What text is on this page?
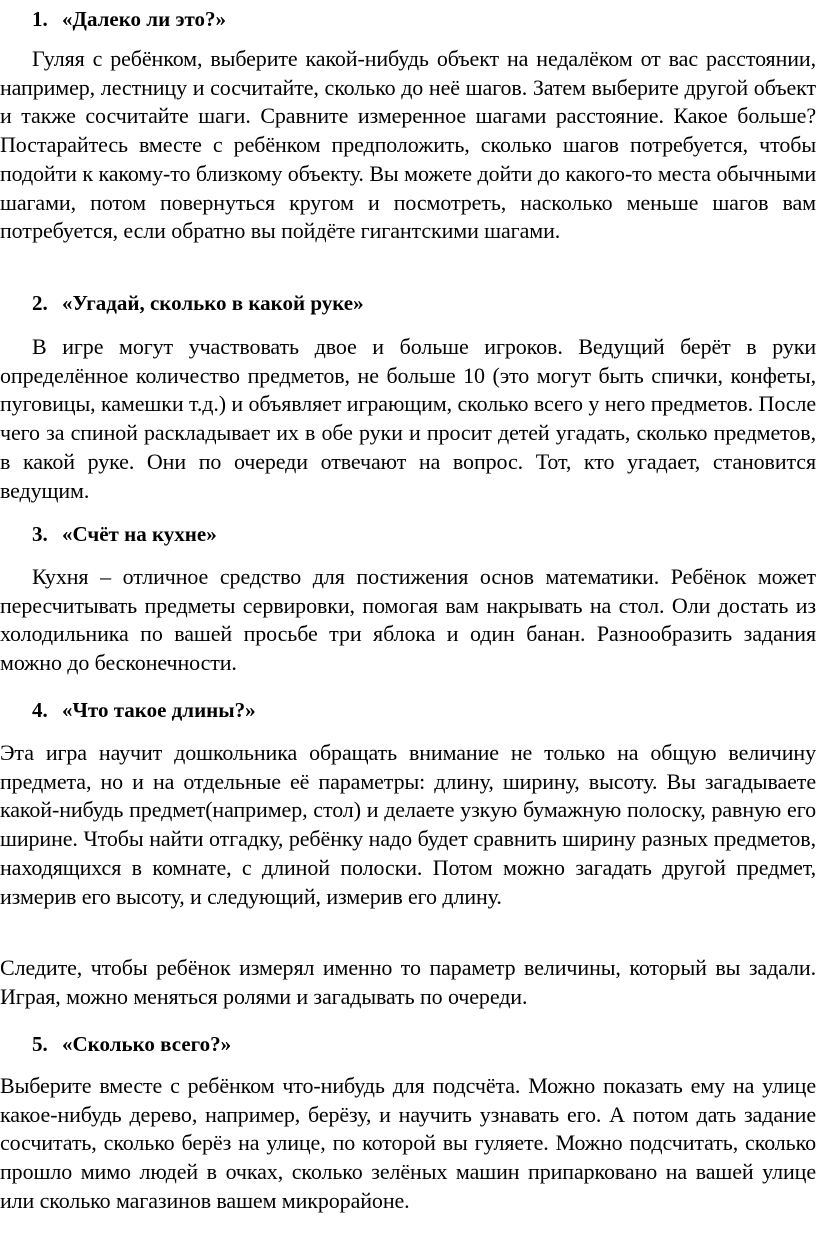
1. «Далеко ли это?»

Гуляя с ребёнком, выберите какой-нибудь объект на недалёком от вас расстоянии, например, лестницу и сосчитайте, сколько до неё шагов. Затем выберите другой объект и также сосчитайте шаги. Сравните измеренное шагами расстояние. Какое больше? Постарайтесь вместе с ребёнком предположить, сколько шагов потребуется, чтобы подойти к какому-то близкому объекту. Вы можете дойти до какого-то места обычными шагами, потом повернуться кругом и посмотреть, насколько меньше шагов вам потребуется, если обратно вы пойдёте гигантскими шагами.

2. «Угадай, сколько в какой руке»

В игре могут участвовать двое и больше игроков. Ведущий берёт в руки определённое количество предметов, не больше 10 (это могут быть спички, конфеты, пуговицы, камешки т.д.) и объявляет играющим, сколько всего у него предметов. После чего за спиной раскладывает их в обе руки и просит детей угадать, сколько предметов, в какой руке. Они по очереди отвечают на вопрос. Тот, кто угадает, становится ведущим.

3. «Счёт на кухне»

Кухня – отличное средство для постижения основ математики. Ребёнок может пересчитывать предметы сервировки, помогая вам накрывать на стол. Оли достать из холодильника по вашей просьбе три яблока и один банан. Разнообразить задания можно до бесконечности.

4. «Что такое длины?»

Эта игра научит дошкольника обращать внимание не только на общую величину предмета, но и на отдельные её параметры: длину, ширину, высоту. Вы загадываете какой-нибудь предмет(например, стол) и делаете узкую бумажную полоску, равную его ширине. Чтобы найти отгадку, ребёнку надо будет сравнить ширину разных предметов, находящихся в комнате, с длиной полоски. Потом можно загадать другой предмет, измерив его высоту, и следующий, измерив его длину.

Следите, чтобы ребёнок измерял именно то параметр величины, который вы задали. Играя, можно меняться ролями и загадывать по очереди.

5. «Сколько всего?»

Выберите вместе с ребёнком что-нибудь для подсчёта. Можно показать ему на улице какое-нибудь дерево, например, берёзу, и научить узнавать его. А потом дать задание сосчитать, сколько берёз на улице, по которой вы гуляете. Можно подсчитать, сколько прошло мимо людей в очках, сколько зелёных машин припарковано на вашей улице или сколько магазинов вашем микрорайоне.
